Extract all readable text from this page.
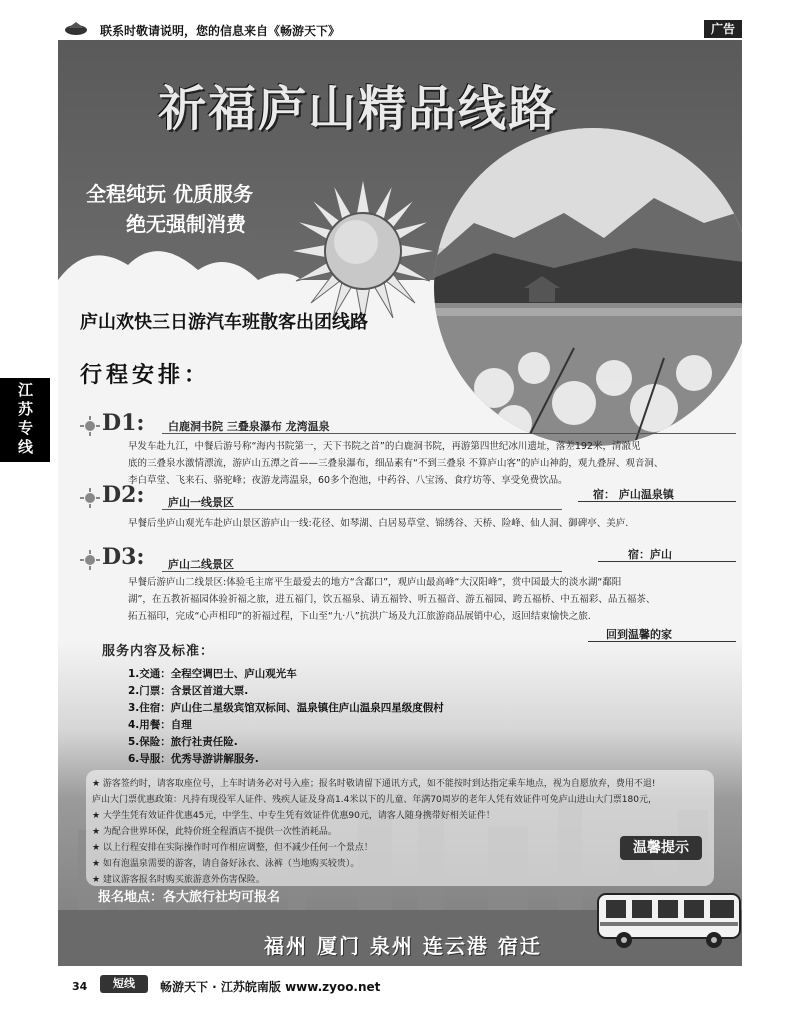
联系时敬请说明，您的信息来自《畅游天下》	广告
江苏专线
祈福庐山精品线路
全程纯玩 优质服务
绝无强制消费
庐山欢快三日游汽车班散客出团线路
行程安排：
D1: 白鹿洞书院 三叠泉瀑布 龙湾温泉
早发车赴九江，中餐后游号称“海内书院第一，天下书院之首”的白鹿洞书院，再游第四世纪冰川遗址，落差192米，清澈见
底的三叠泉水激情漂流，游庐山五潭之首——三叠泉瀑布，细品素有“不到三叠泉 不算庐山客”的庐山神韵，观九叠屏、观音洞、
李白草堂、飞来石、骆驼峰；夜游龙湾温泉，60多个泡池，中药谷、八宝汤、食疗坊等、享受免费饮品。
宿： 庐山温泉镇
D2: 庐山一线景区
早餐后坐庐山观光车赴庐山景区游庐山一线:花径、如琴湖、白居易草堂、锦绣谷、天桥、险峰、仙人洞、御碑亭、美庐.
宿：庐山
D3: 庐山二线景区
早餐后游庐山二线景区:体验毛主席平生最爱去的地方“含鄱口”，观庐山最高峰“大汉阳峰”，赏中国最大的淡水湖“鄱阳
湖”，在五教祈福园体验祈福之旅，进五福门，饮五福泉、请五福铃、听五福音、游五福园、跨五福桥、中五福彩、品五福茶、
拓五福印，完成“心声相印”的祈福过程，下山至“九·八”抗洪广场及九江旅游商品展销中心，返回结束愉快之旅.
回到温馨的家
服务内容及标准：
1.交通：全程空调巴士、庐山观光车
2.门票：含景区首道大票.
3.住宿：庐山住二星级宾馆双标间、温泉镇住庐山温泉四星级度假村
4.用餐：自理
5.保险：旅行社责任险.
6.导服：优秀导游讲解服务.
★ 游客签约时，请客取座位号，上车时请务必对号入座；报名时敬请留下通讯方式，如不能按时到达指定乘车地点，视为自愿放弃，费用不退!
庐山大门票优惠政策：凡持有现役军人证件、残疾人证及身高1.4米以下的儿童、年满70周岁的老年人凭有效证件可免庐山进山大门票180元，
★ 大学生凭有效证件优惠45元，中学生、中专生凭有效证件优惠90元，请客人随身携带好相关证件！
★ 为配合世界环保，此特价班全程酒店不提供一次性消耗品。
★ 以上行程安排在实际操作时可作相应调整，但不减少任何一个景点！
★ 如有泡温泉需要的游客，请自备好泳衣、泳裤（当地购买较贵）。
★ 建议游客报名时购买旅游意外伤害保险。
温馨提示
报名地点：各大旅行社均可报名
福州 厦门 泉州 连云港 宿迁
34	短线	畅游天下 · 江苏皖南版 www.zyoo.net
